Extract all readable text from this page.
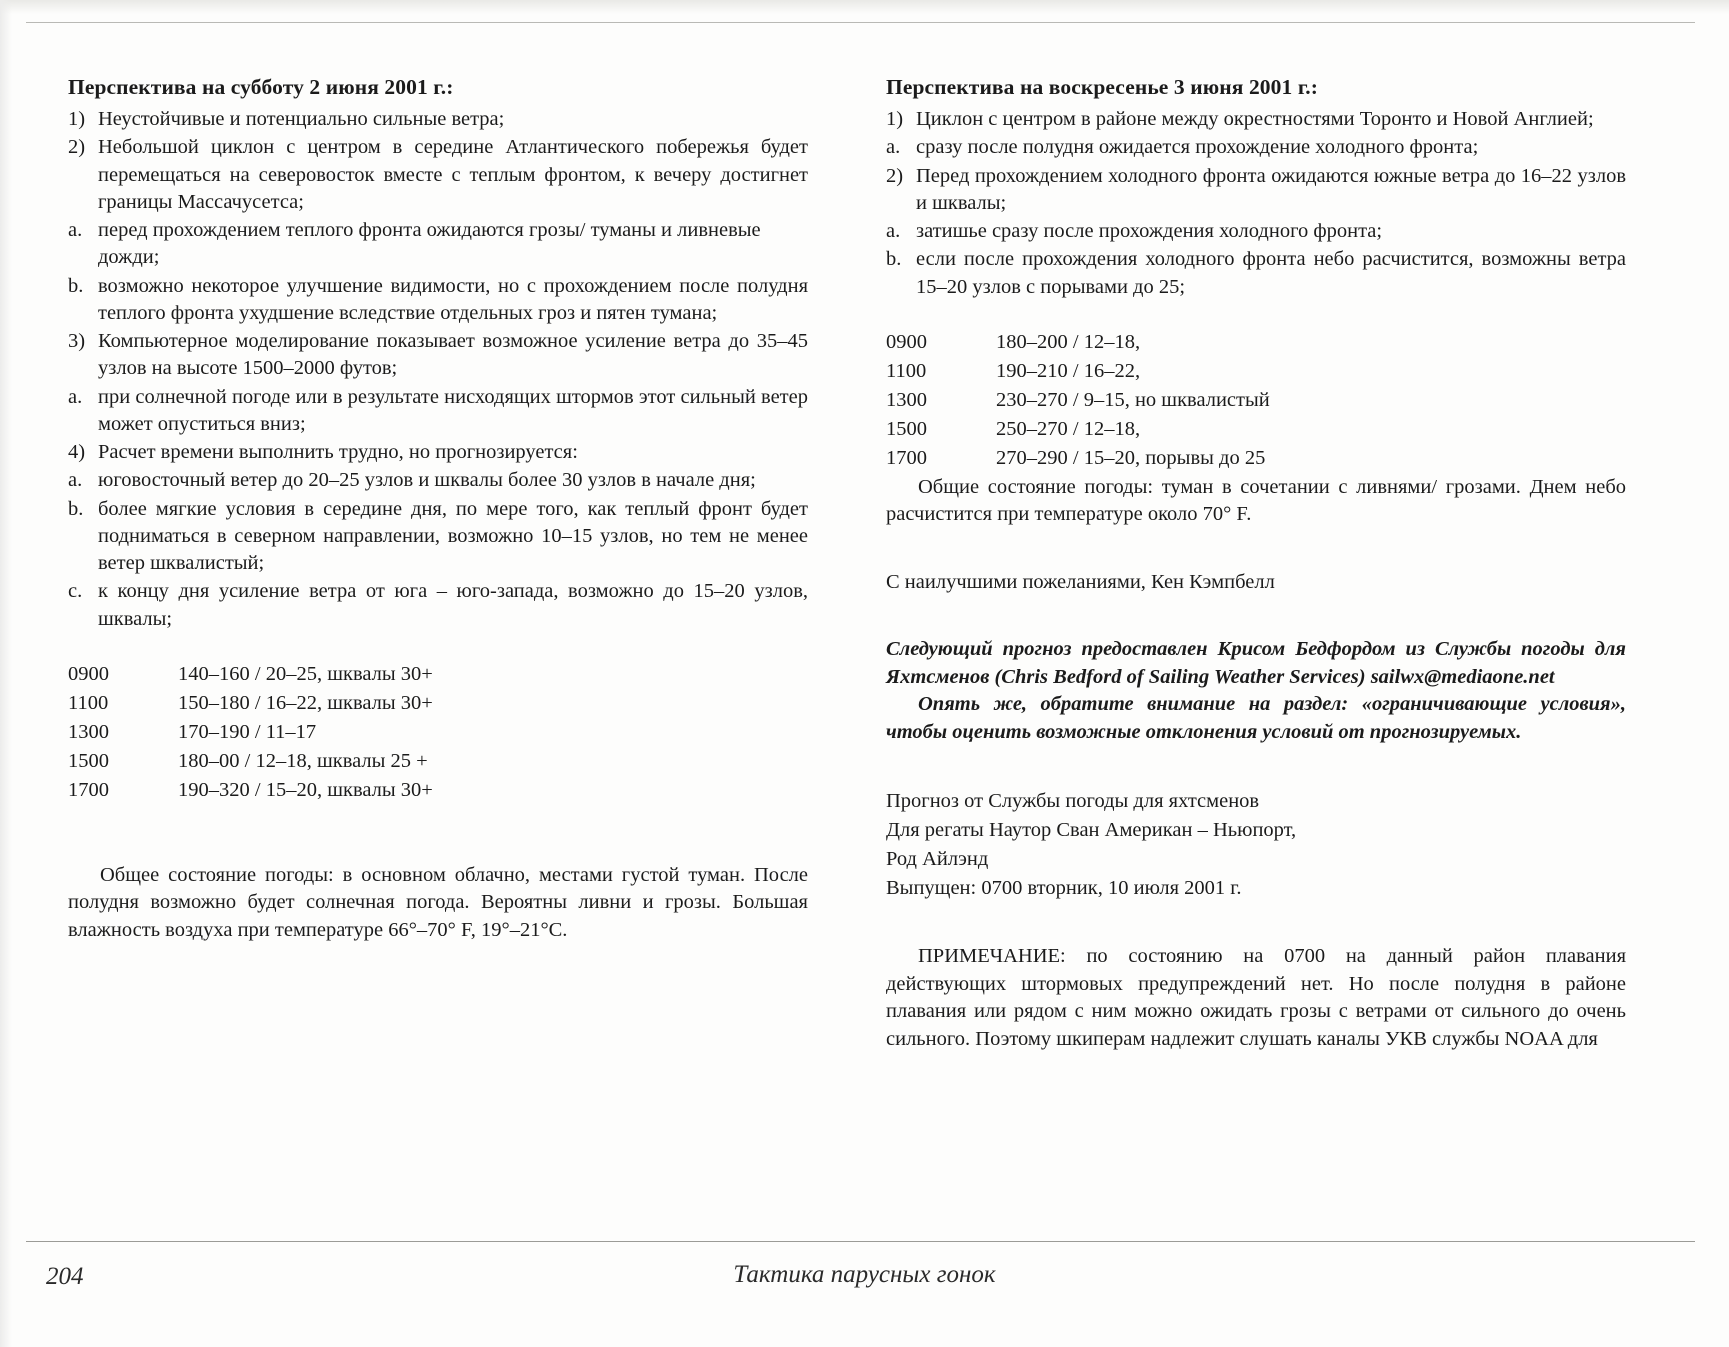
Перспектива на субботу 2 июня 2001 г.:
1) Неустойчивые и потенциально сильные ветра;
2) Небольшой циклон с центром в середине Атлантического побережья будет перемещаться на северовосток вместе с теплым фронтом, к вечеру достигнет границы Массачусетса;
a. перед прохождением теплого фронта ожидаются грозы/ туманы и ливневые дожди;
b. возможно некоторое улучшение видимости, но с прохождением после полудня теплого фронта ухудшение вследствие отдельных гроз и пятен тумана;
3) Компьютерное моделирование показывает возможное усиление ветра до 35–45 узлов на высоте 1500–2000 футов;
a. при солнечной погоде или в результате нисходящих штормов этот сильный ветер может опуститься вниз;
4) Расчет времени выполнить трудно, но прогнозируется:
a. юговосточный ветер до 20–25 узлов и шквалы более 30 узлов в начале дня;
b. более мягкие условия в середине дня, по мере того, как теплый фронт будет подниматься в северном направлении, возможно 10–15 узлов, но тем не менее ветер шквалистый;
c. к концу дня усиление ветра от юга – юго-запада, возможно до 15–20 узлов, шквалы;
0900	140–160 / 20–25, шквалы 30+
1100	150–180 / 16–22, шквалы 30+
1300	170–190 / 11–17
1500	180–00 / 12–18, шквалы 25 +
1700	190–320 / 15–20, шквалы 30+

Общее состояние погоды: в основном облачно, местами густой туман. После полудня возможно будет солнечная погода. Вероятны ливни и грозы. Большая влажность воздуха при температуре 66°–70° F, 19°–21°С.

Перспектива на воскресенье 3 июня 2001 г.:
1) Циклон с центром в районе между окрестностями Торонто и Новой Англией;
a. сразу после полудня ожидается прохождение холодного фронта;
2) Перед прохождением холодного фронта ожидаются южные ветра до 16–22 узлов и шквалы;
a. затишье сразу после прохождения холодного фронта;
b. если после прохождения холодного фронта небо расчистится, возможны ветра 15–20 узлов с порывами до 25;
0900	180–200 / 12–18,
1100	190–210 / 16–22,
1300	230–270 / 9–15, но шквалистый
1500	250–270 / 12–18,
1700	270–290 / 15–20, порывы до 25

Общие состояние погоды: туман в сочетании с ливнями/ грозами. Днем небо расчистится при температуре около 70° F.

С наилучшими пожеланиями, Кен Кэмпбелл

Следующий прогноз предоставлен Крисом Бедфордом из Службы погоды для Яхтсменов (Chris Bedford of Sailing Weather Services) sailwx@mediaone.net

Опять же, обратите внимание на раздел: «ограничивающие условия», чтобы оценить возможные отклонения условий от прогнозируемых.

Прогноз от Службы погоды для яхтсменов
Для регаты Наутор Сван Американ – Ньюпорт,
Род Айлэнд
Выпущен: 0700 вторник, 10 июля 2001 г.

ПРИМЕЧАНИЕ: по состоянию на 0700 на данный район плавания действующих штормовых предупреждений нет. Но после полудня в районе плавания или рядом с ним можно ожидать грозы с ветрами от сильного до очень сильного. Поэтому шкиперам надлежит слушать каналы УКВ службы NOAA для

204	Тактика парусных гонок
